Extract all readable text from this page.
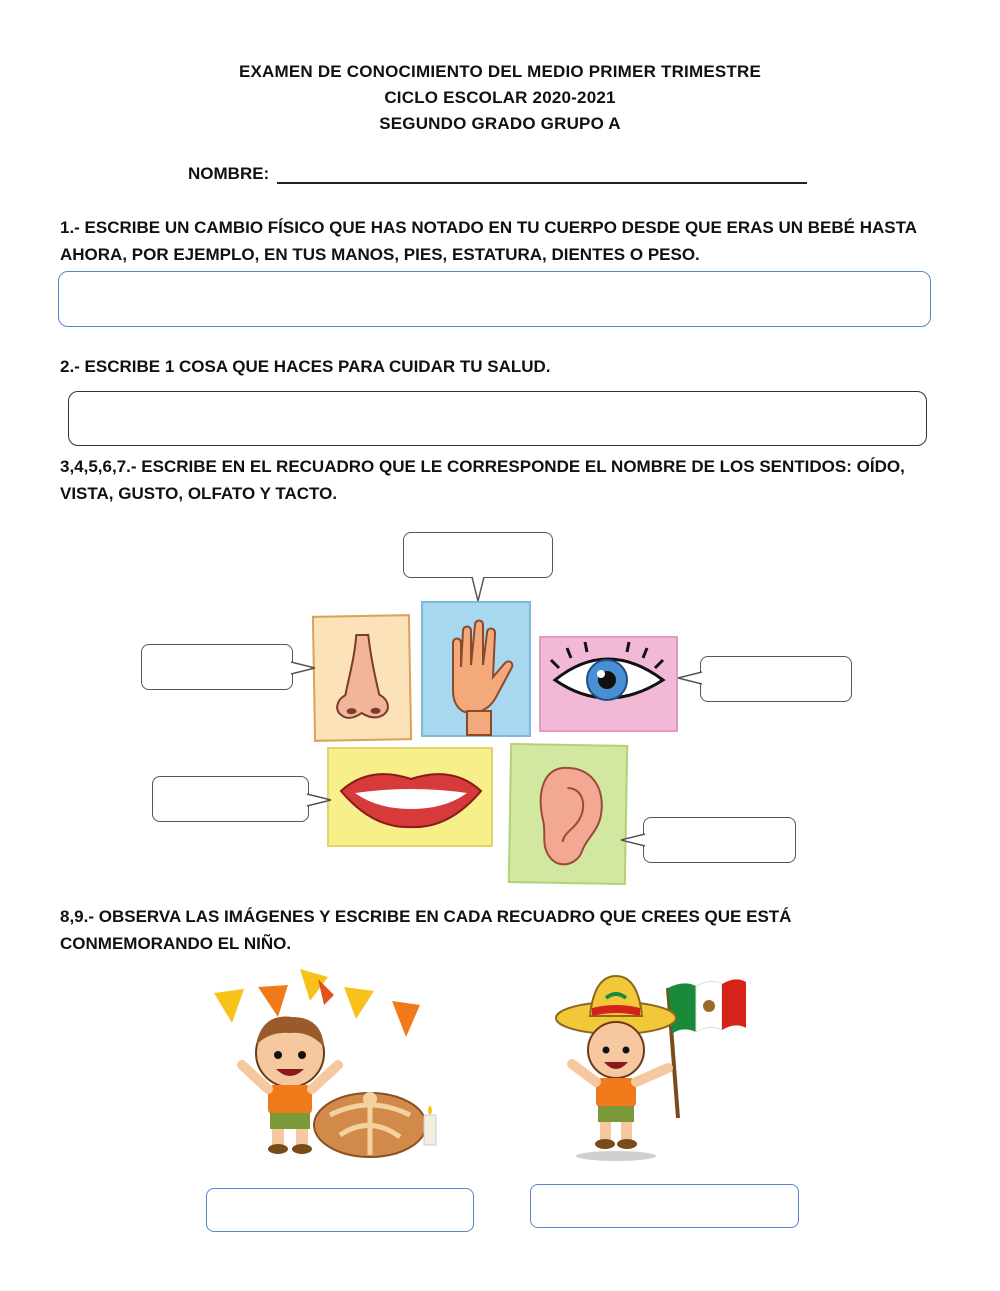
EXAMEN DE CONOCIMIENTO DEL MEDIO PRIMER TRIMESTRE
CICLO ESCOLAR 2020-2021
SEGUNDO GRADO GRUPO A
NOMBRE:
1.- ESCRIBE UN CAMBIO FÍSICO QUE HAS NOTADO EN TU CUERPO DESDE QUE ERAS UN BEBÉ HASTA AHORA, POR EJEMPLO, EN TUS MANOS, PIES, ESTATURA, DIENTES O PESO.
2.- ESCRIBE 1 COSA QUE HACES PARA CUIDAR TU SALUD.
3,4,5,6,7.- ESCRIBE EN EL RECUADRO QUE LE CORRESPONDE EL NOMBRE DE LOS SENTIDOS: OÍDO, VISTA, GUSTO, OLFATO Y TACTO.
8,9.- OBSERVA LAS IMÁGENES Y ESCRIBE EN CADA RECUADRO QUE CREES QUE ESTÁ CONMEMORANDO EL NIÑO.
